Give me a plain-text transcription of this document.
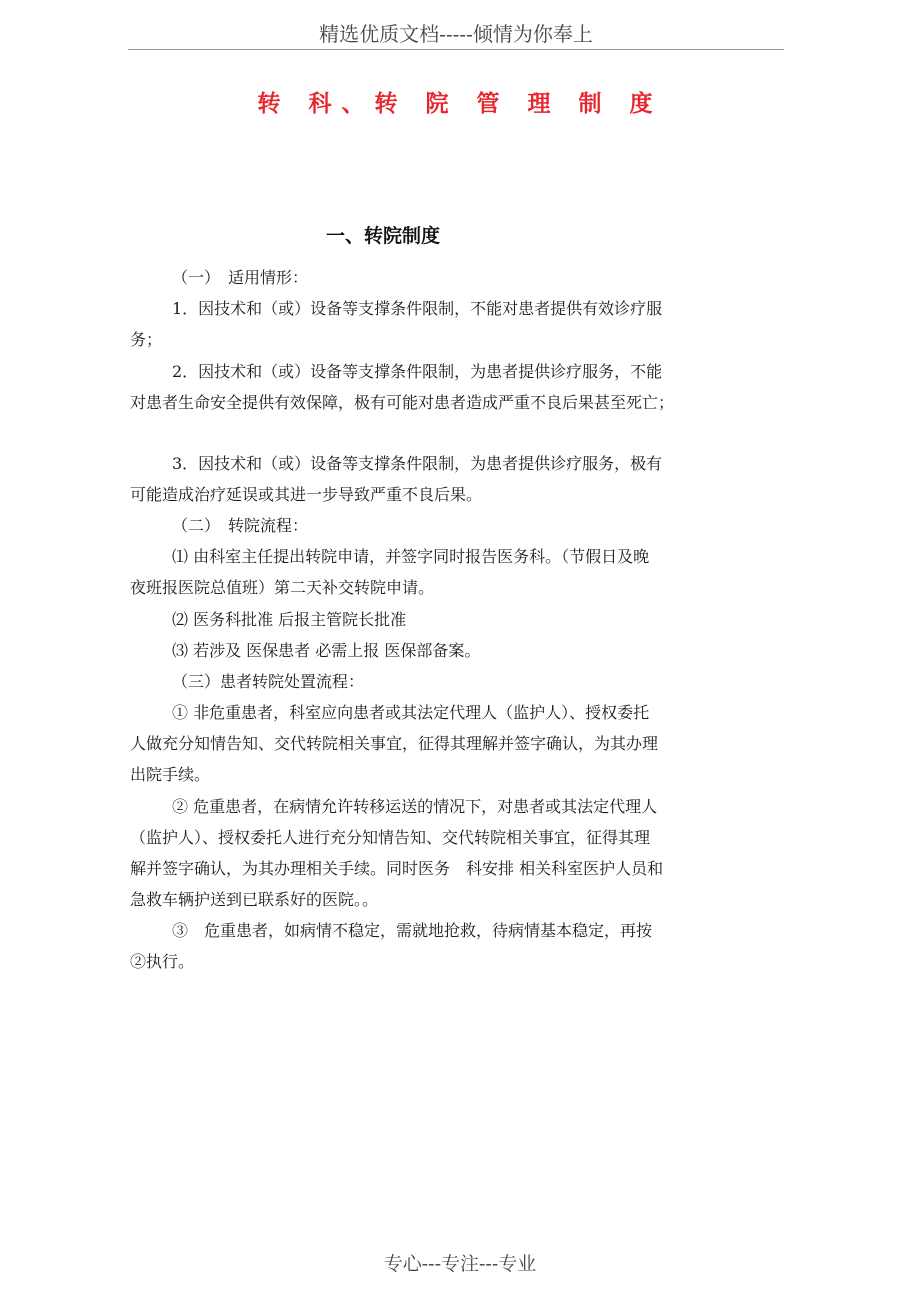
精选优质文档-----倾情为你奉上
转 科、转 院 管 理 制 度
一、转院制度
（一）　适用情形：
1．因技术和（或）设备等支撑条件限制，不能对患者提供有效诊疗服
务；
2．因技术和（或）设备等支撑条件限制，为患者提供诊疗服务，不能
对患者生命安全提供有效保障，极有可能对患者造成严重不良后果甚至死亡；
3．因技术和（或）设备等支撑条件限制，为患者提供诊疗服务，极有
可能造成治疗延误或其进一步导致严重不良后果。
（二）　转院流程：
⑴ 由科室主任提出转院申请，并签字同时报告医务科。（节假日及晚
夜班报医院总值班）第二天补交转院申请。
⑵ 医务科批准 后报主管院长批准
⑶ 若涉及 医保患者 必需上报 医保部备案。
（三）患者转院处置流程：
① 非危重患者，科室应向患者或其法定代理人（监护人）、授权委托
人做充分知情告知、交代转院相关事宜，征得其理解并签字确认，为其办理
出院手续。
② 危重患者，在病情允许转移运送的情况下，对患者或其法定代理人
（监护人）、授权委托人进行充分知情告知、交代转院相关事宜，征得其理
解并签字确认，为其办理相关手续。同时医务　科安排 相关科室医护人员和
急救车辆护送到已联系好的医院。。
③　危重患者，如病情不稳定，需就地抢救，待病情基本稳定，再按
②执行。
专心---专注---专业
